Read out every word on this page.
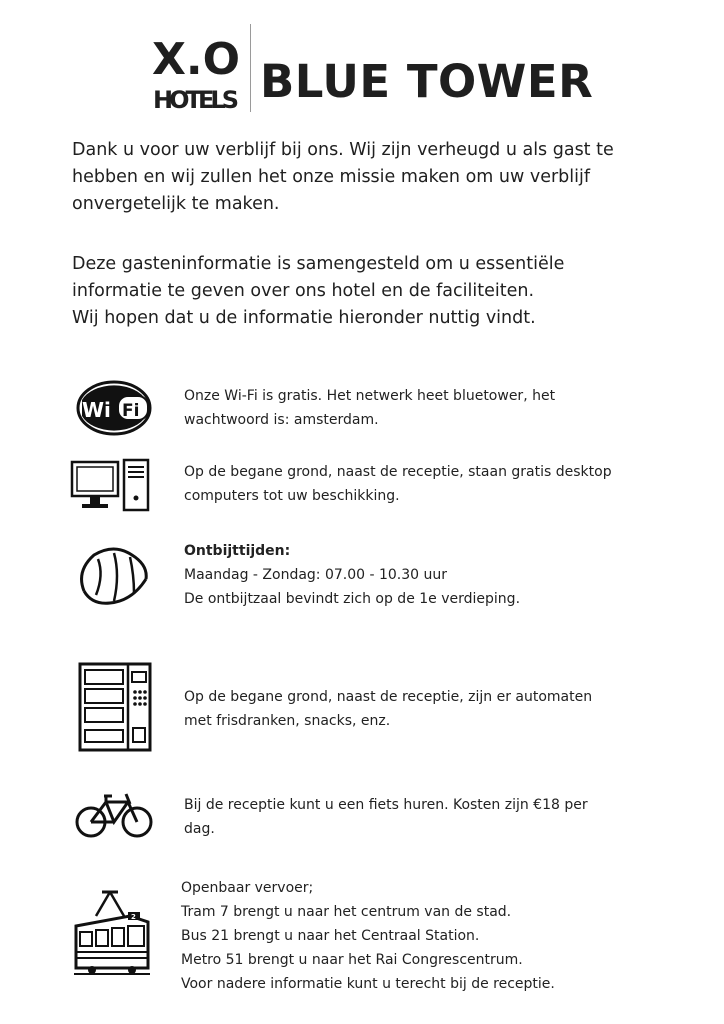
X.O
HOTELS BLUE TOWER
Dank u voor uw verblijf bij ons. Wij zijn verheugd u als gast te
hebben en wij zullen het onze missie maken om uw verblijf
onvergetelijk te maken.
Deze gasteninformatie is samengesteld om u essentiële
informatie te geven over ons hotel en de faciliteiten.
Wij hopen dat u de informatie hieronder nuttig vindt.
Wi Fi
Onze Wi-Fi is gratis. Het netwerk heet bluetower, het
wachtwoord is: amsterdam.
Op de begane grond, naast de receptie, staan gratis desktop
computers tot uw beschikking.
Ontbijttijden:
Maandag - Zondag: 07.00 - 10.30 uur
De ontbijtzaal bevindt zich op de 1e verdieping.
Op de begane grond, naast de receptie, zijn er automaten
met frisdranken, snacks, enz.
Bij de receptie kunt u een fiets huren. Kosten zijn €18 per
dag.
2
Openbaar vervoer;
Tram 7 brengt u naar het centrum van de stad.
Bus 21 brengt u naar het Centraal Station.
Metro 51 brengt u naar het Rai Congrescentrum.
Voor nadere informatie kunt u terecht bij de receptie.
